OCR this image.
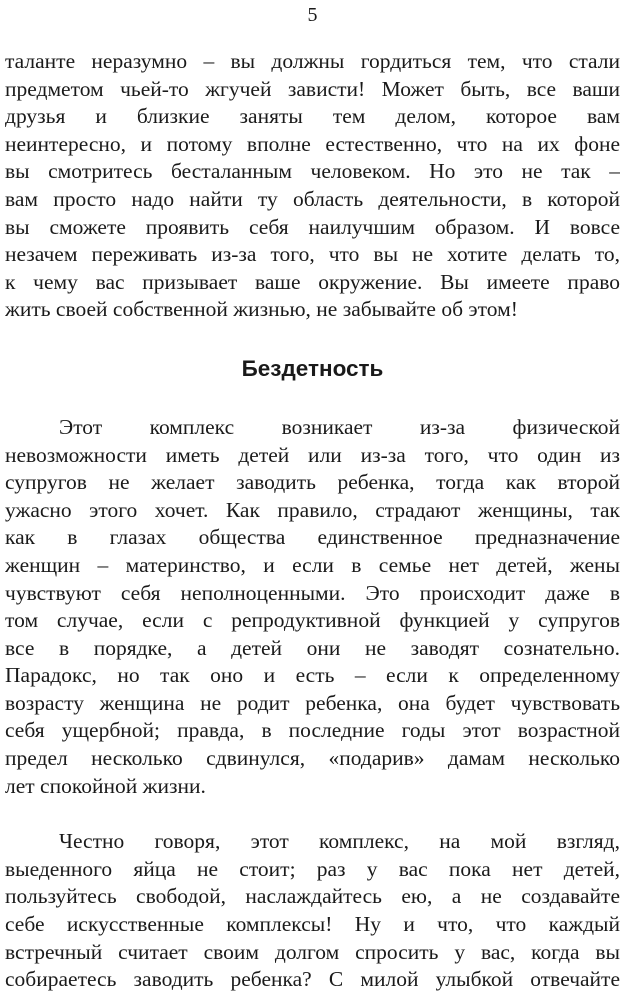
5
таланте неразумно – вы должны гордиться тем, что стали
предметом чьей-то жгучей зависти! Может быть, все ваши
друзья и близкие заняты тем делом, которое вам
неинтересно, и потому вполне естественно, что на их фоне
вы смотритесь бесталанным человеком. Но это не так –
вам просто надо найти ту область деятельности, в которой
вы сможете проявить себя наилучшим образом. И вовсе
незачем переживать из-за того, что вы не хотите делать то,
к чему вас призывает ваше окружение. Вы имеете право
жить своей собственной жизнью, не забывайте об этом!
Бездетность
Этот комплекс возникает из-за физической
невозможности иметь детей или из-за того, что один из
супругов не желает заводить ребенка, тогда как второй
ужасно этого хочет. Как правило, страдают женщины, так
как в глазах общества единственное предназначение
женщин – материнство, и если в семье нет детей, жены
чувствуют себя неполноценными. Это происходит даже в
том случае, если с репродуктивной функцией у супругов
все в порядке, а детей они не заводят сознательно.
Парадокс, но так оно и есть – если к определенному
возрасту женщина не родит ребенка, она будет чувствовать
себя ущербной; правда, в последние годы этот возрастной
предел несколько сдвинулся, «подарив» дамам несколько
лет спокойной жизни.
Честно говоря, этот комплекс, на мой взгляд,
выеденного яйца не стоит; раз у вас пока нет детей,
пользуйтесь свободой, наслаждайтесь ею, а не создавайте
себе искусственные комплексы! Ну и что, что каждый
встречный считает своим долгом спросить у вас, когда вы
собираетесь заводить ребенка? С милой улыбкой отвечайте
